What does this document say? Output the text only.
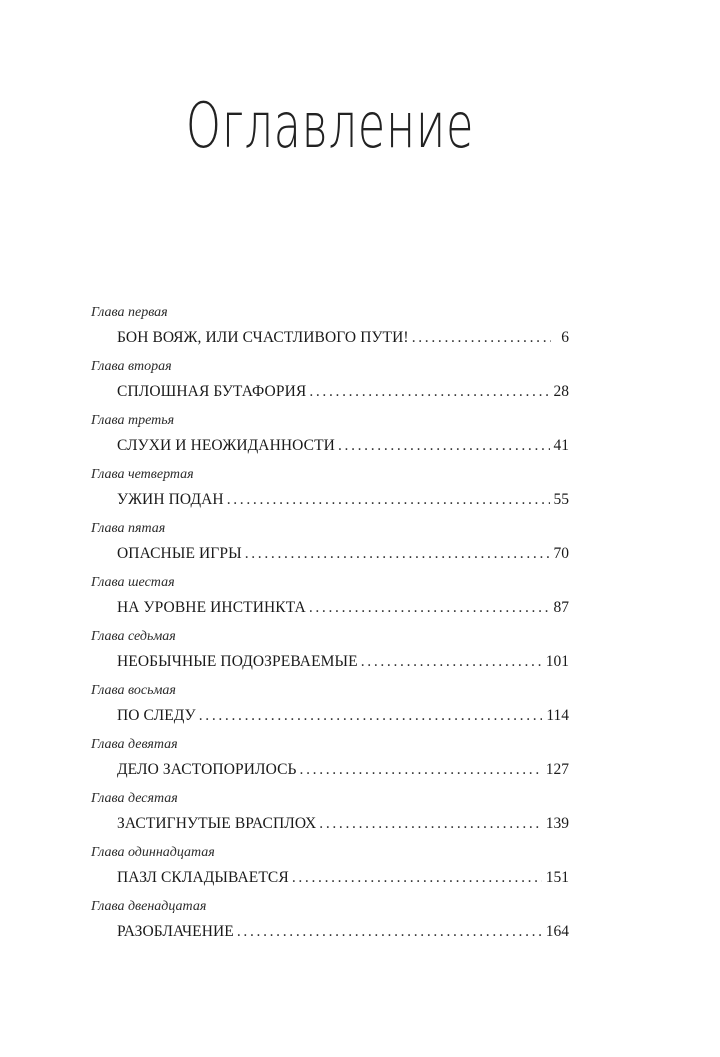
Оглавление
Глава первая
БОН ВОЯЖ, ИЛИ СЧАСТЛИВОГО ПУТИ! . . .	6
Глава вторая
СПЛОШНАЯ БУТАФОРИЯ . . .	28
Глава третья
СЛУХИ И НЕОЖИДАННОСТИ . . .	41
Глава четвертая
УЖИН ПОДАН . . .	55
Глава пятая
ОПАСНЫЕ ИГРЫ . . .	70
Глава шестая
НА УРОВНЕ ИНСТИНКТА . . .	87
Глава седьмая
НЕОБЫЧНЫЕ ПОДОЗРЕВАЕМЫЕ . . .	101
Глава восьмая
ПО СЛЕДУ . . .	114
Глава девятая
ДЕЛО ЗАСТОПОРИЛОСЬ . . .	127
Глава десятая
ЗАСТИГНУТЫЕ ВРАСПЛОХ . . .	139
Глава одиннадцатая
ПАЗЛ СКЛАДЫВАЕТСЯ . . .	151
Глава двенадцатая
РАЗОБЛАЧЕНИЕ . . .	164
